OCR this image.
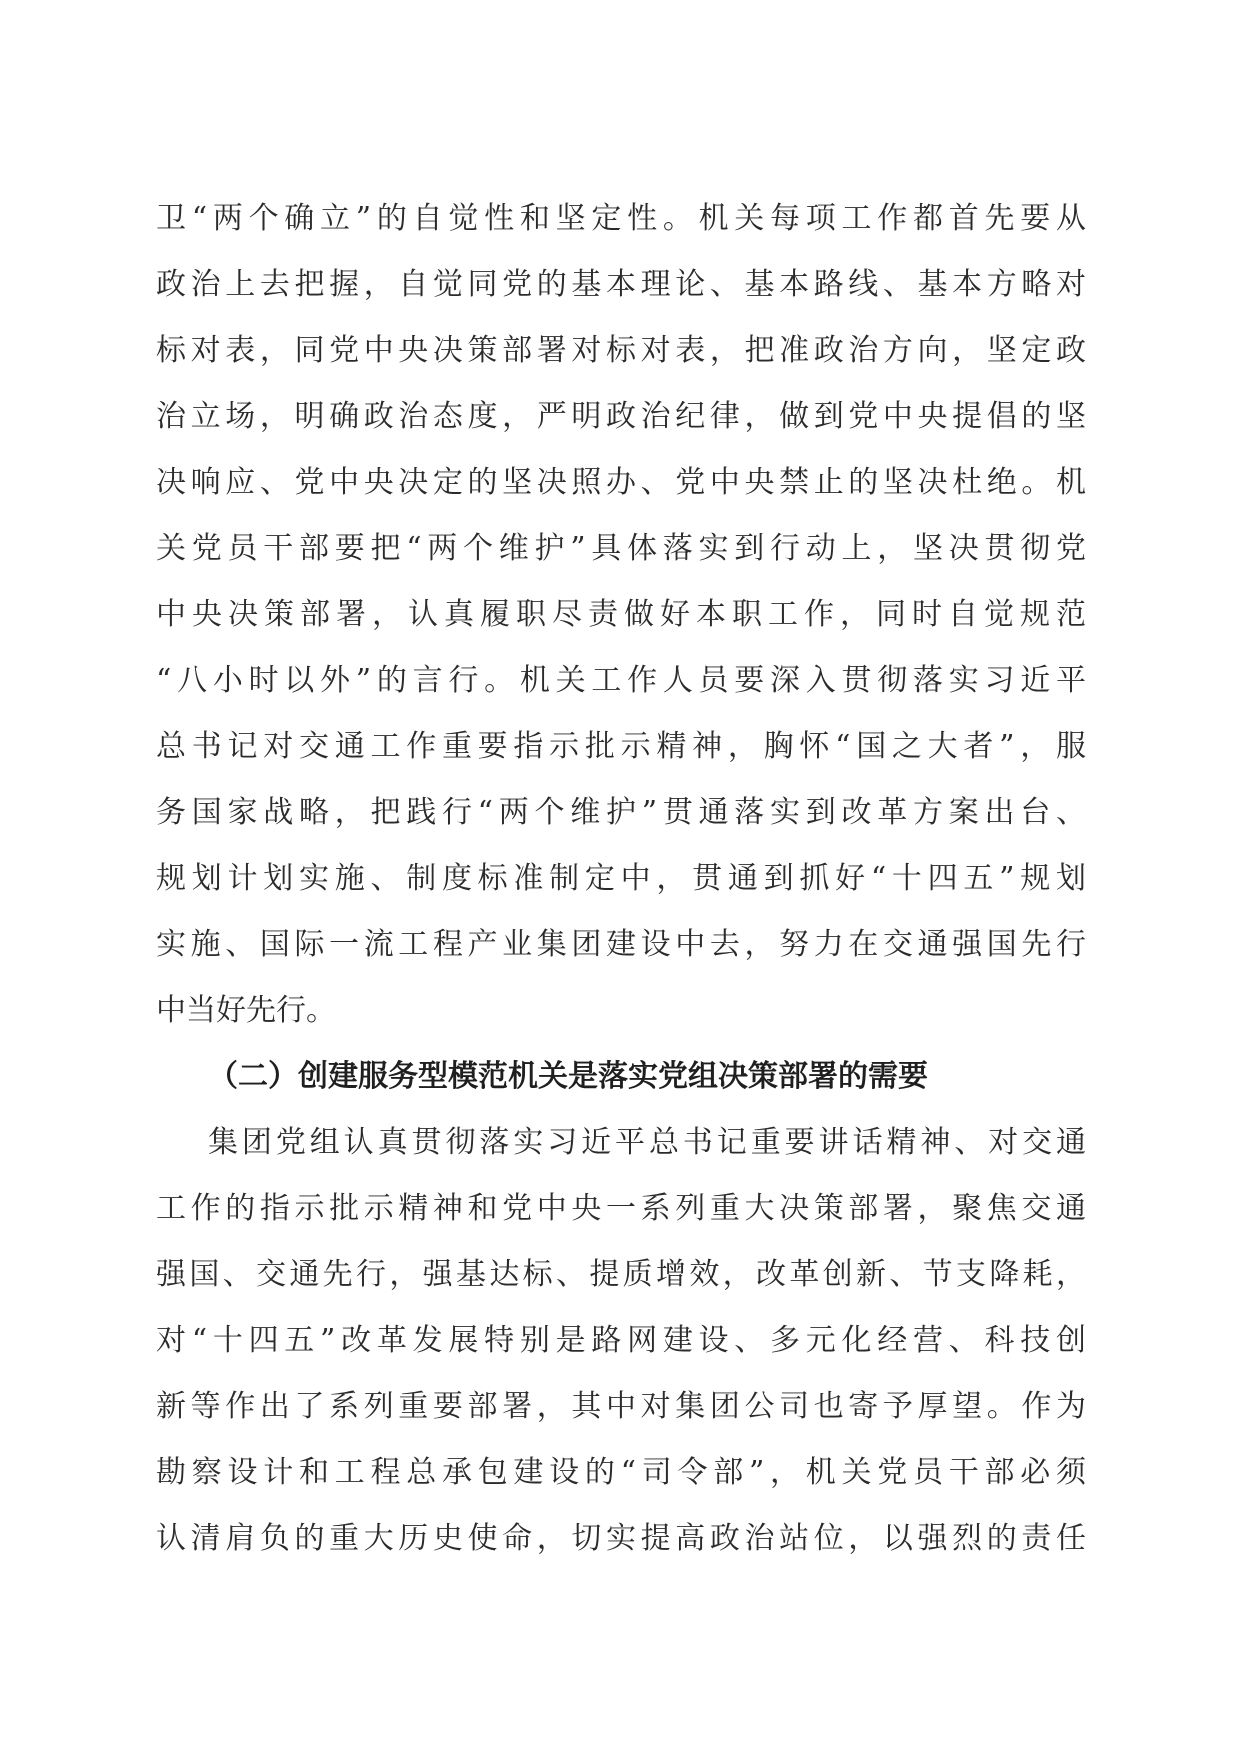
卫“两个确立”的自觉性和坚定性。机关每项工作都首先要从
政治上去把握，自觉同党的基本理论、基本路线、基本方略对
标对表，同党中央决策部署对标对表，把准政治方向，坚定政
治立场，明确政治态度，严明政治纪律，做到党中央提倡的坚
决响应、党中央决定的坚决照办、党中央禁止的坚决杜绝。机
关党员干部要把“两个维护”具体落实到行动上，坚决贯彻党
中央决策部署，认真履职尽责做好本职工作，同时自觉规范
“八小时以外”的言行。机关工作人员要深入贯彻落实习近平
总书记对交通工作重要指示批示精神，胸怀“国之大者”，服
务国家战略，把践行“两个维护”贯通落实到改革方案出台、
规划计划实施、制度标准制定中，贯通到抓好“十四五”规划
实施、国际一流工程产业集团建设中去，努力在交通强国先行
中当好先行。
（二）创建服务型模范机关是落实党组决策部署的需要
集团党组认真贯彻落实习近平总书记重要讲话精神、对交通
工作的指示批示精神和党中央一系列重大决策部署，聚焦交通
强国、交通先行，强基达标、提质增效，改革创新、节支降耗，
对“十四五”改革发展特别是路网建设、多元化经营、科技创
新等作出了系列重要部署，其中对集团公司也寄予厚望。作为
勘察设计和工程总承包建设的“司令部”，机关党员干部必须
认清肩负的重大历史使命，切实提高政治站位，以强烈的责任
